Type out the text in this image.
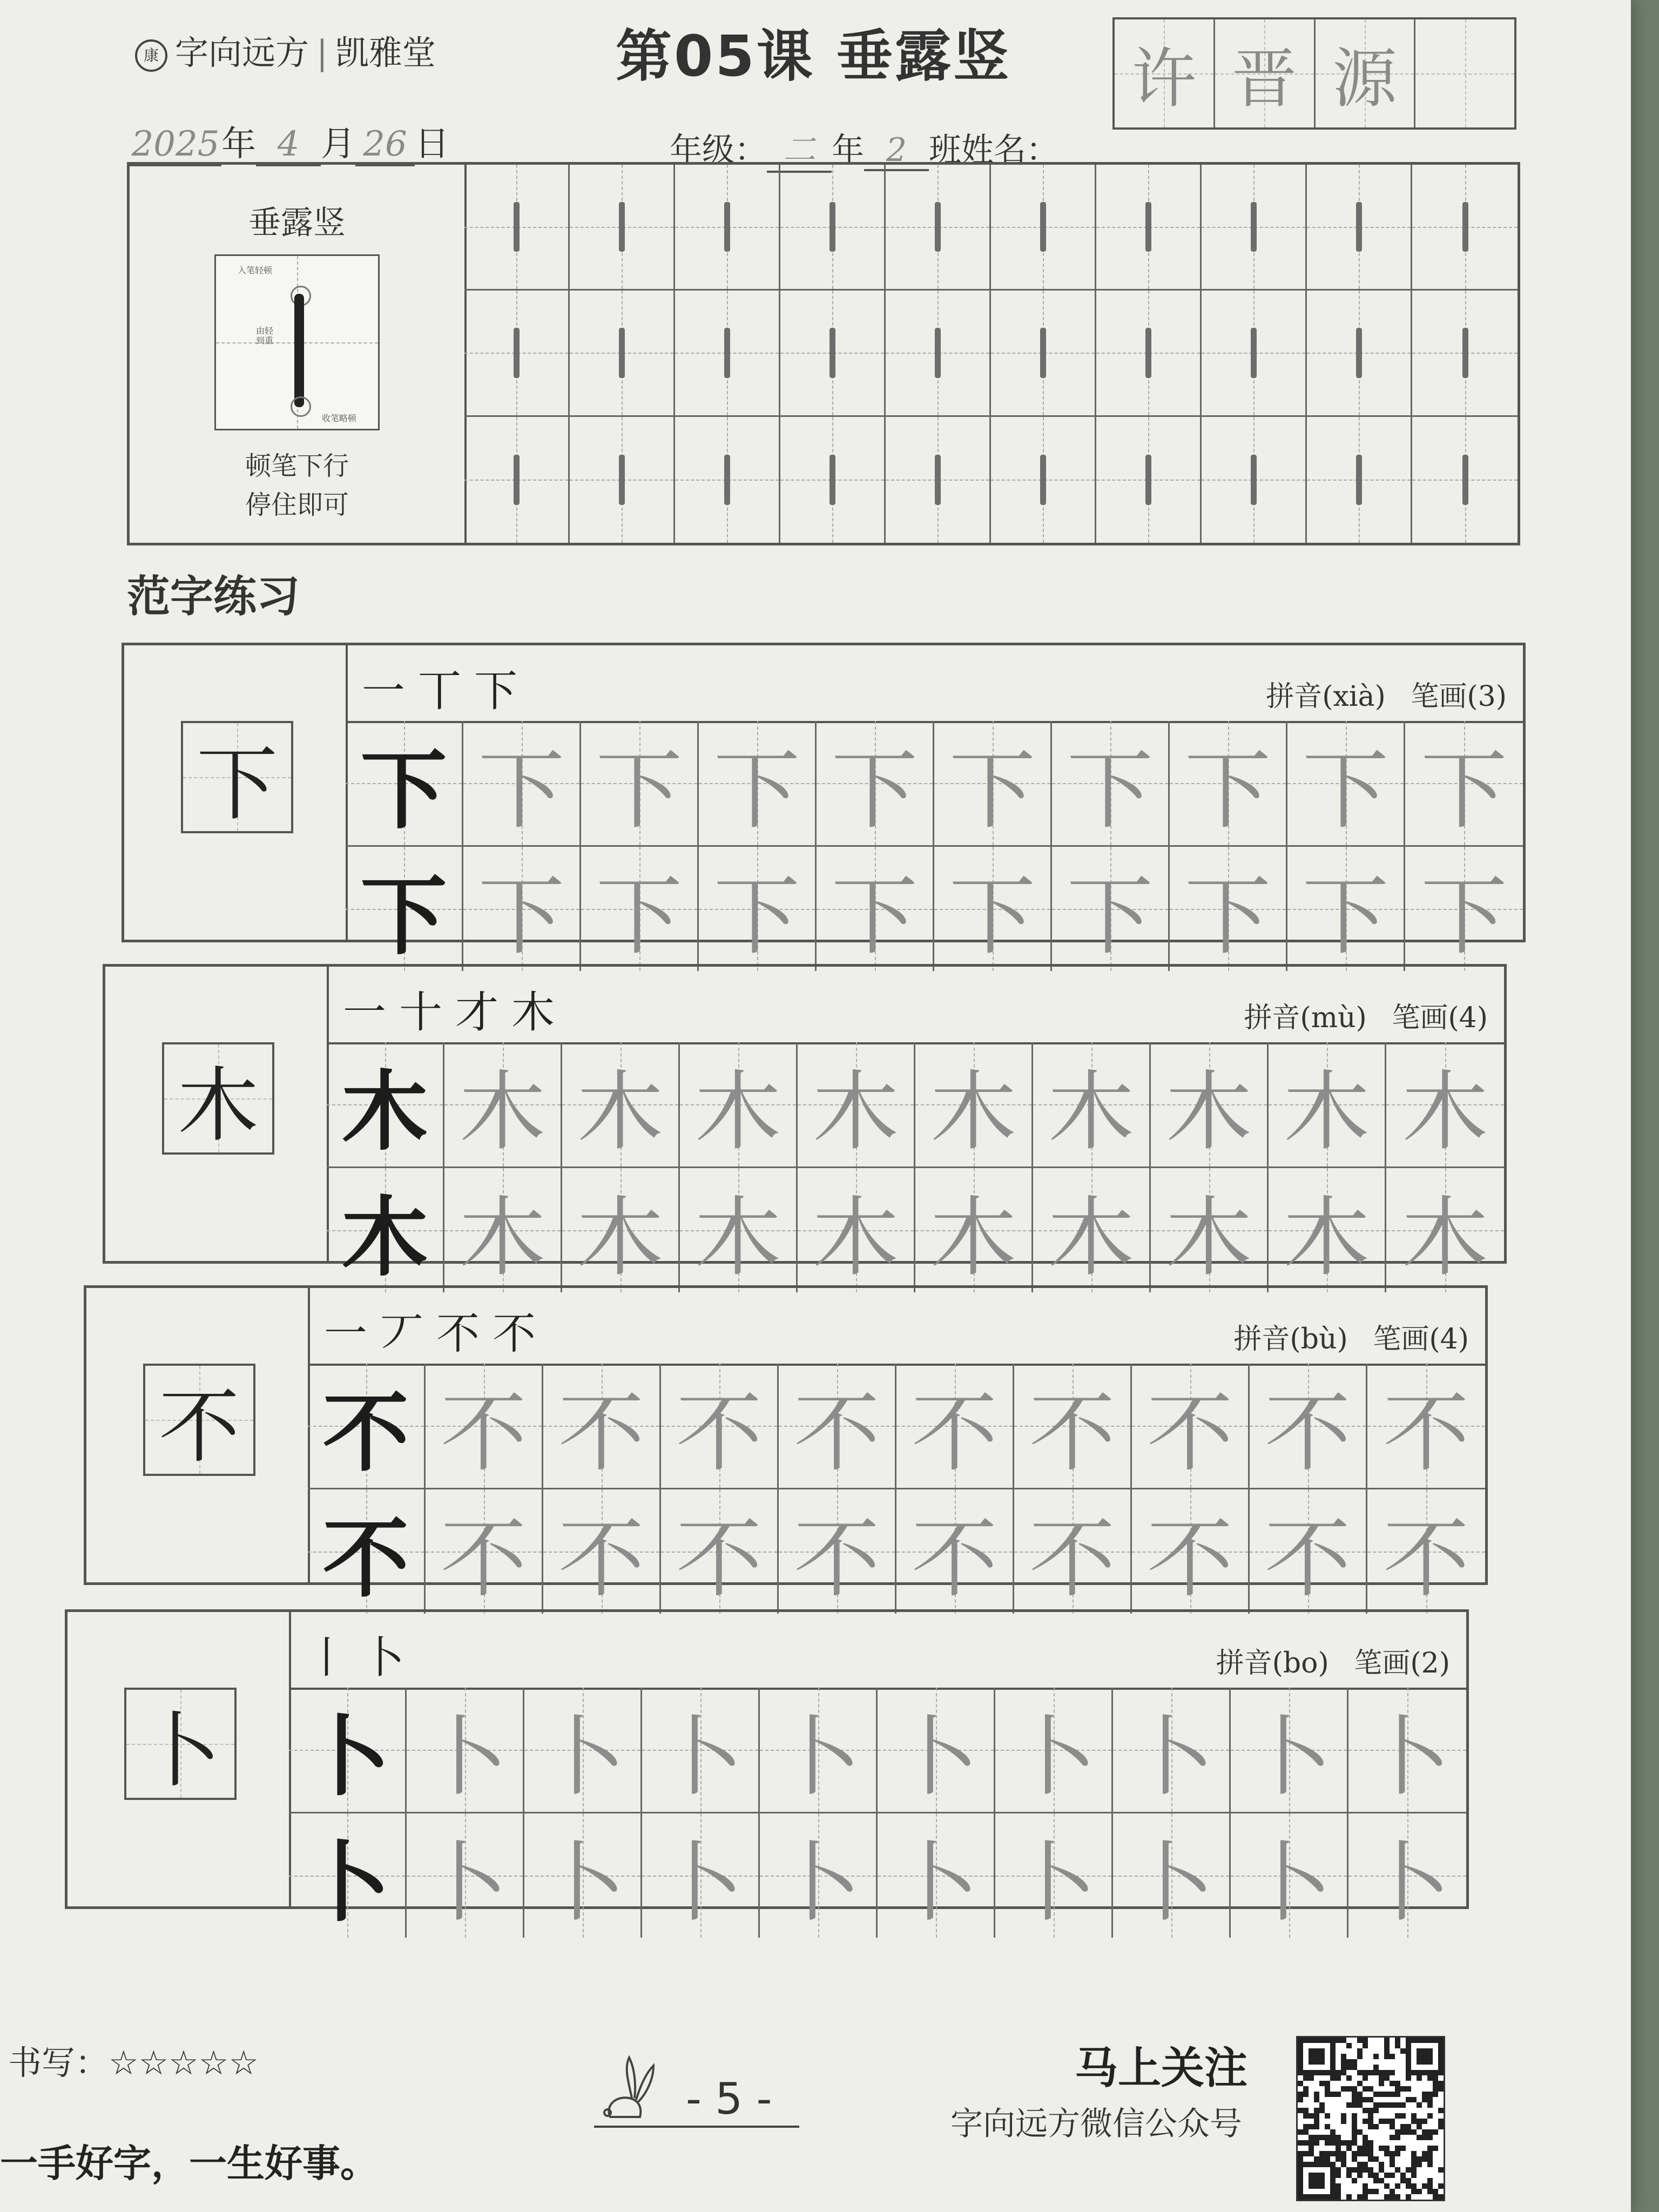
康 字向远方 | 凯雅堂	第05课 垂露竖
2025年 4 月 26 日	年级： 二 年 2 班姓名：
许 晋 源
垂露竖
入笔轻顿
由轻到重
收笔略顿
顿笔下行
停住即可
范字练习
下
一丅下	拼音(xià) 笔画(3)
下 下 下 下 下 下 下 下 下 下
下 下 下 下 下 下 下 下 下 下
木
一十才木	拼音(mù) 笔画(4)
木 木 木 木 木 木 木 木 木 木
木 木 木 木 木 木 木 木 木 木
不
一丆不不	拼音(bù) 笔画(4)
不 不 不 不 不 不 不 不 不 不
不 不 不 不 不 不 不 不 不 不
卜
丨卜	拼音(bo) 笔画(2)
卜 卜 卜 卜 卜 卜 卜 卜 卜 卜
卜 卜 卜 卜 卜 卜 卜 卜 卜 卜
书写：☆☆☆☆☆
一手好字，一生好事。
- 5 -
马上关注
字向远方微信公众号
